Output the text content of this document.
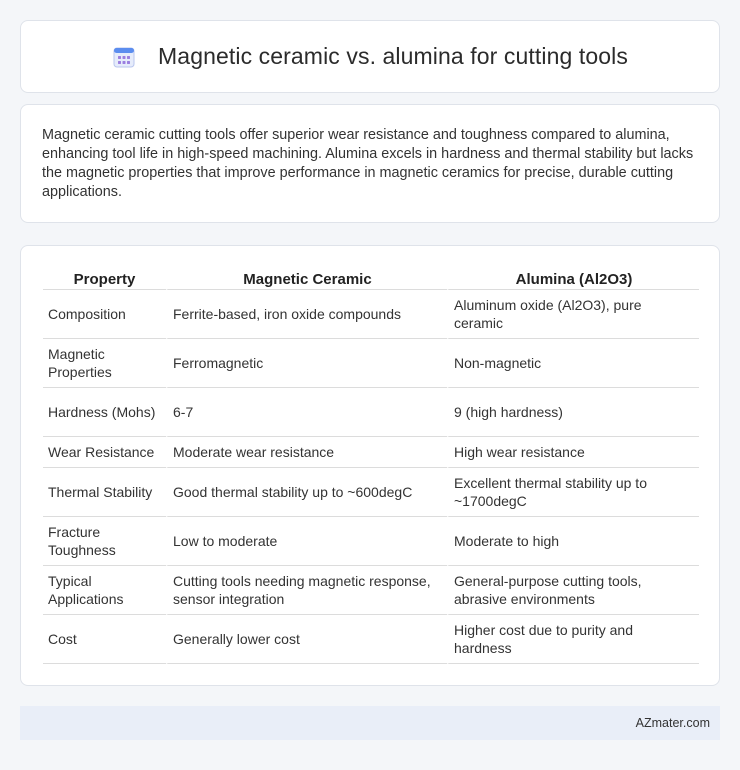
Magnetic ceramic vs. alumina for cutting tools

Magnetic ceramic cutting tools offer superior wear resistance and toughness compared to alumina, enhancing tool life in high-speed machining. Alumina excels in hardness and thermal stability but lacks the magnetic properties that improve performance in magnetic ceramics for precise, durable cutting applications.

Property	Magnetic Ceramic	Alumina (Al2O3)
Composition	Ferrite-based, iron oxide compounds	Aluminum oxide (Al2O3), pure ceramic
Magnetic Properties	Ferromagnetic	Non-magnetic
Hardness (Mohs)	6-7	9 (high hardness)
Wear Resistance	Moderate wear resistance	High wear resistance
Thermal Stability	Good thermal stability up to ~600degC	Excellent thermal stability up to ~1700degC
Fracture Toughness	Low to moderate	Moderate to high
Typical Applications	Cutting tools needing magnetic response, sensor integration	General-purpose cutting tools, abrasive environments
Cost	Generally lower cost	Higher cost due to purity and hardness
AZmater.com
